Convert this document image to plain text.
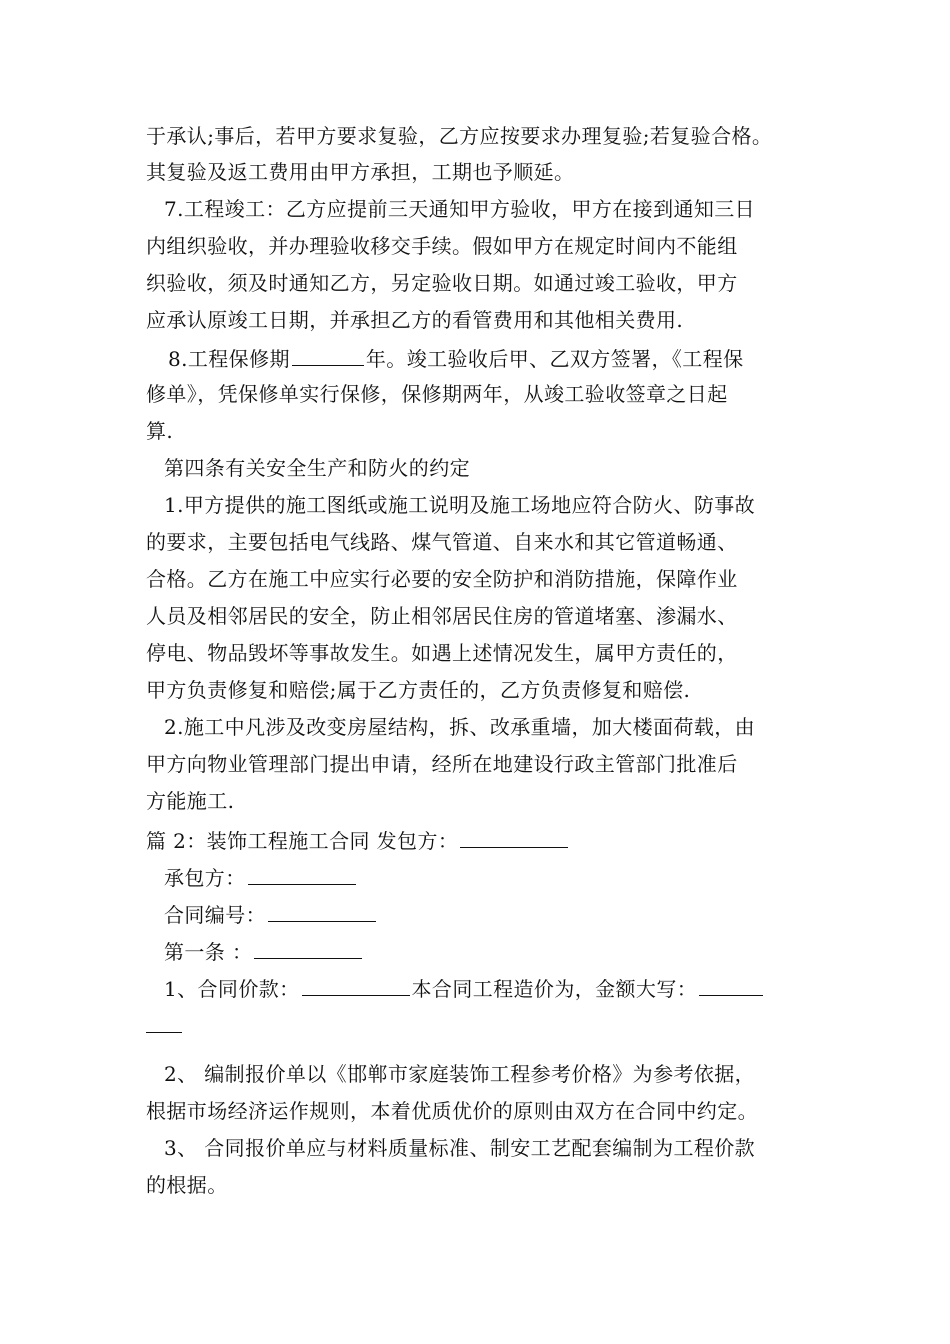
于承认;事后，若甲方要求复验，乙方应按要求办理复验;若复验合格。
其复验及返工费用由甲方承担，工期也予顺延。
7.工程竣工：乙方应提前三天通知甲方验收，甲方在接到通知三日
内组织验收，并办理验收移交手续。假如甲方在规定时间内不能组
织验收，须及时通知乙方，另定验收日期。如通过竣工验收，甲方
应承认原竣工日期，并承担乙方的看管费用和其他相关费用.
8.工程保修期	年。竣工验收后甲、乙双方签署，《工程保
修单》，凭保修单实行保修，保修期两年，从竣工验收签章之日起
算.
第四条有关安全生产和防火的约定
1.甲方提供的施工图纸或施工说明及施工场地应符合防火、防事故
的要求，主要包括电气线路、煤气管道、自来水和其它管道畅通、
合格。乙方在施工中应实行必要的安全防护和消防措施，保障作业
人员及相邻居民的安全，防止相邻居民住房的管道堵塞、渗漏水、
停电、物品毁坏等事故发生。如遇上述情况发生，属甲方责任的，
甲方负责修复和赔偿;属于乙方责任的，乙方负责修复和赔偿.
2.施工中凡涉及改变房屋结构，拆、改承重墙，加大楼面荷载，由
甲方向物业管理部门提出申请，经所在地建设行政主管部门批准后
方能施工.
篇 2：装饰工程施工合同 发包方：
承包方：
合同编号：
第一条 ：
1、合同价款：	本合同工程造价为，金额大写：
2、 编制报价单以《邯郸市家庭装饰工程参考价格》为参考依据，
根据市场经济运作规则，本着优质优价的原则由双方在合同中约定。
3、 合同报价单应与材料质量标准、制安工艺配套编制为工程价款
的根据。
